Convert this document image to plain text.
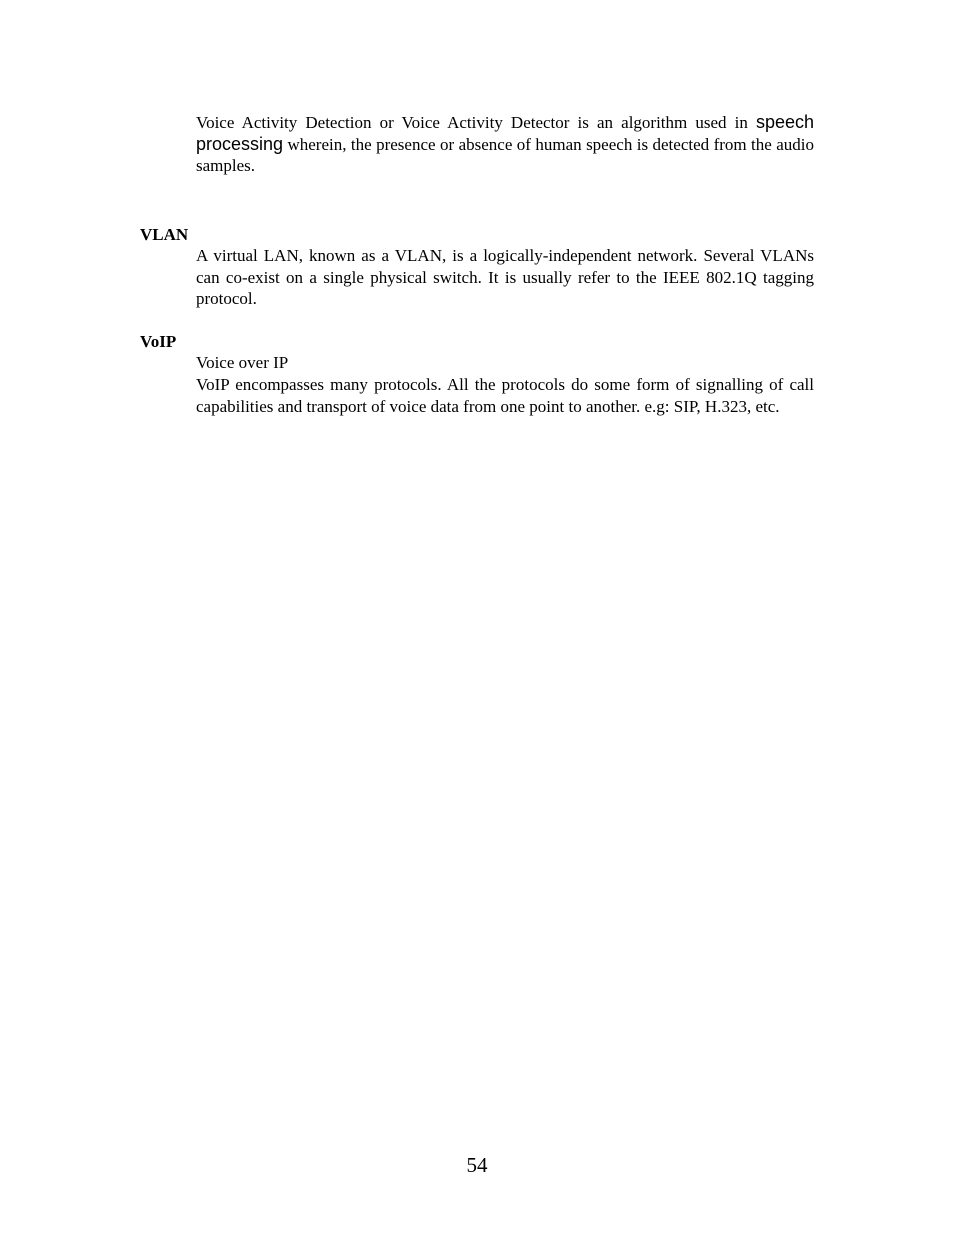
Voice Activity Detection or Voice Activity Detector is an algorithm used in speech processing wherein, the presence or absence of human speech is detected from the audio samples.

VLAN

A virtual LAN, known as a VLAN, is a logically-independent network. Several VLANs can co-exist on a single physical switch. It is usually refer to the IEEE 802.1Q tagging protocol.

VoIP

Voice over IP

VoIP encompasses many protocols. All the protocols do some form of signalling of call capabilities and transport of voice data from one point to another. e.g: SIP, H.323, etc.

54
